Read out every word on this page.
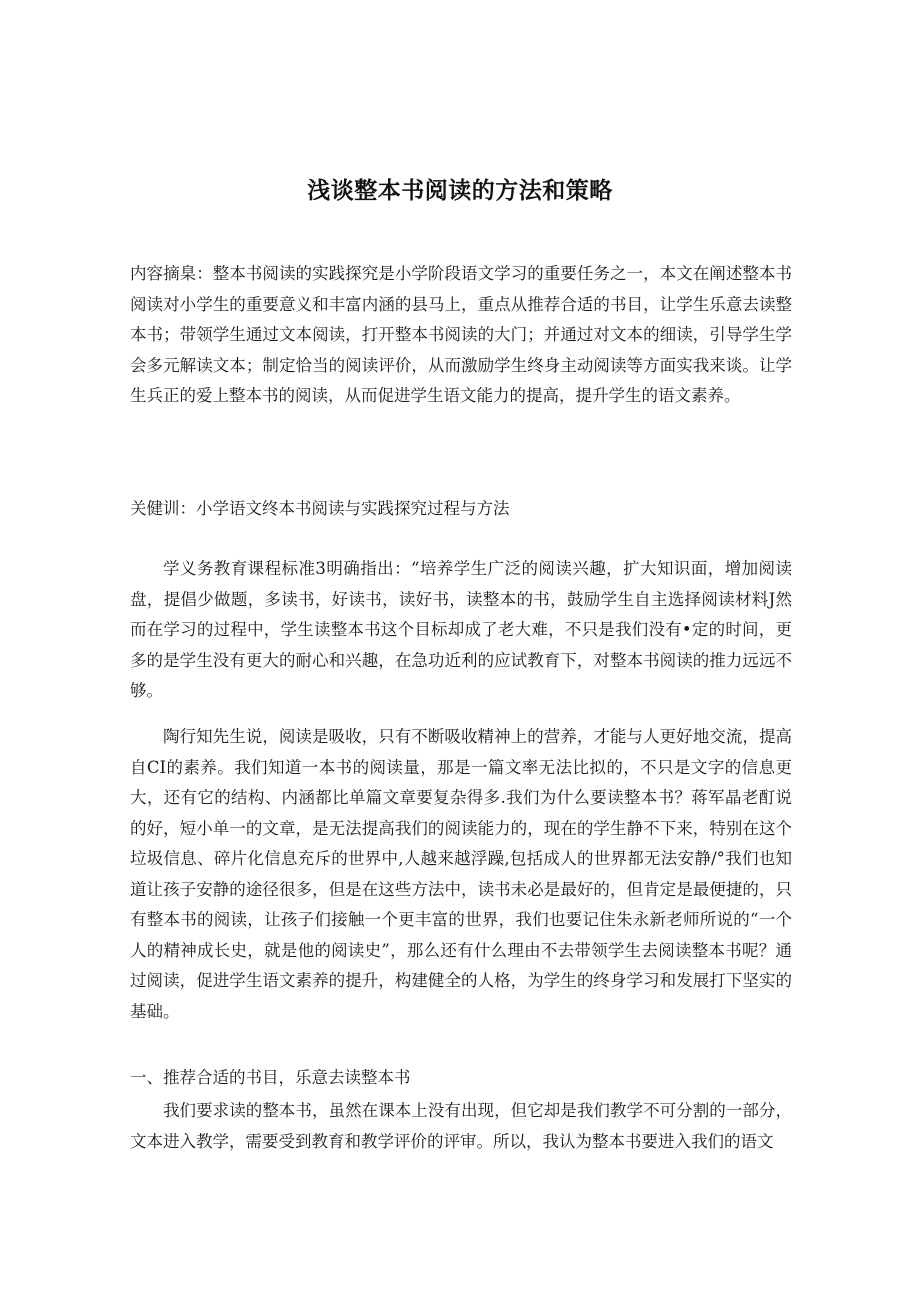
浅谈整本书阅读的方法和策略

内容摘臬：整本书阅读的实践探究是小学阶段语文学习的重要任务之一，本文在阐述整本书阅读对小学生的重要意义和丰富内涵的县马上，重点从推荐合适的书目，让学生乐意去读整本书；带领学生通过文本阅读，打开整本书阅读的大门；并通过对文本的细读，引导学生学会多元解读文本；制定恰当的阅读评价，从而激励学生终身主动阅读等方面实我来谈。让学生兵正的爱上整本书的阅读，从而促进学生语文能力的提高，提升学生的语文素养。

关健训：小学语文终本书阅读与实践探究过程与方法

学义务教育课程标准3明确指出：“培养学生广泛的阅读兴趣，扩大知识面，增加阅读盘，提倡少做题，多读书，好读书，读好书，读整本的书，鼓励学生自主选择阅读材料J然而在学习的过程中，学生读整本书这个目标却成了老大难，不只是我们没有•定的时间，更多的是学生没有更大的耐心和兴趣，在急功近利的应试教育下，对整本书阅读的推力远远不够。

陶行知先生说，阅读是吸收，只有不断吸收精神上的营养，才能与人更好地交流，提高自CI的素养。我们知道一本书的阅读量，那是一篇文率无法比拟的，不只是文字的信息更大，还有它的结构、内涵都比单篇文章要复杂得多.我们为什么要读整本书？蒋军晶老酊说的好，短小单一的文章，是无法提高我们的阅读能力的，现在的学生静不下来，特别在这个垃圾信息、碎片化信息充斥的世界中,人越来越浮躁,包括成人的世界都无法安静/°我们也知道让孩子安静的途径很多，但是在这些方法中，读书未必是最好的，但肯定是最便捷的，只有整本书的阅读，让孩子们接触一个更丰富的世界，我们也要记住朱永新老师所说的“一个人的精神成长史，就是他的阅读史”，那么还有什么理由不去带领学生去阅读整本书呢？通过阅读，促进学生语文素养的提升，构建健全的人格，为学生的终身学习和发展打下坚实的基础。

一、推荐合适的书目，乐意去读整本书

我们要求读的整本书，虽然在课本上没有出现，但它却是我们教学不可分割的一部分，文本进入教学，需要受到教育和教学评价的评审。所以，我认为整本书要进入我们的语文
